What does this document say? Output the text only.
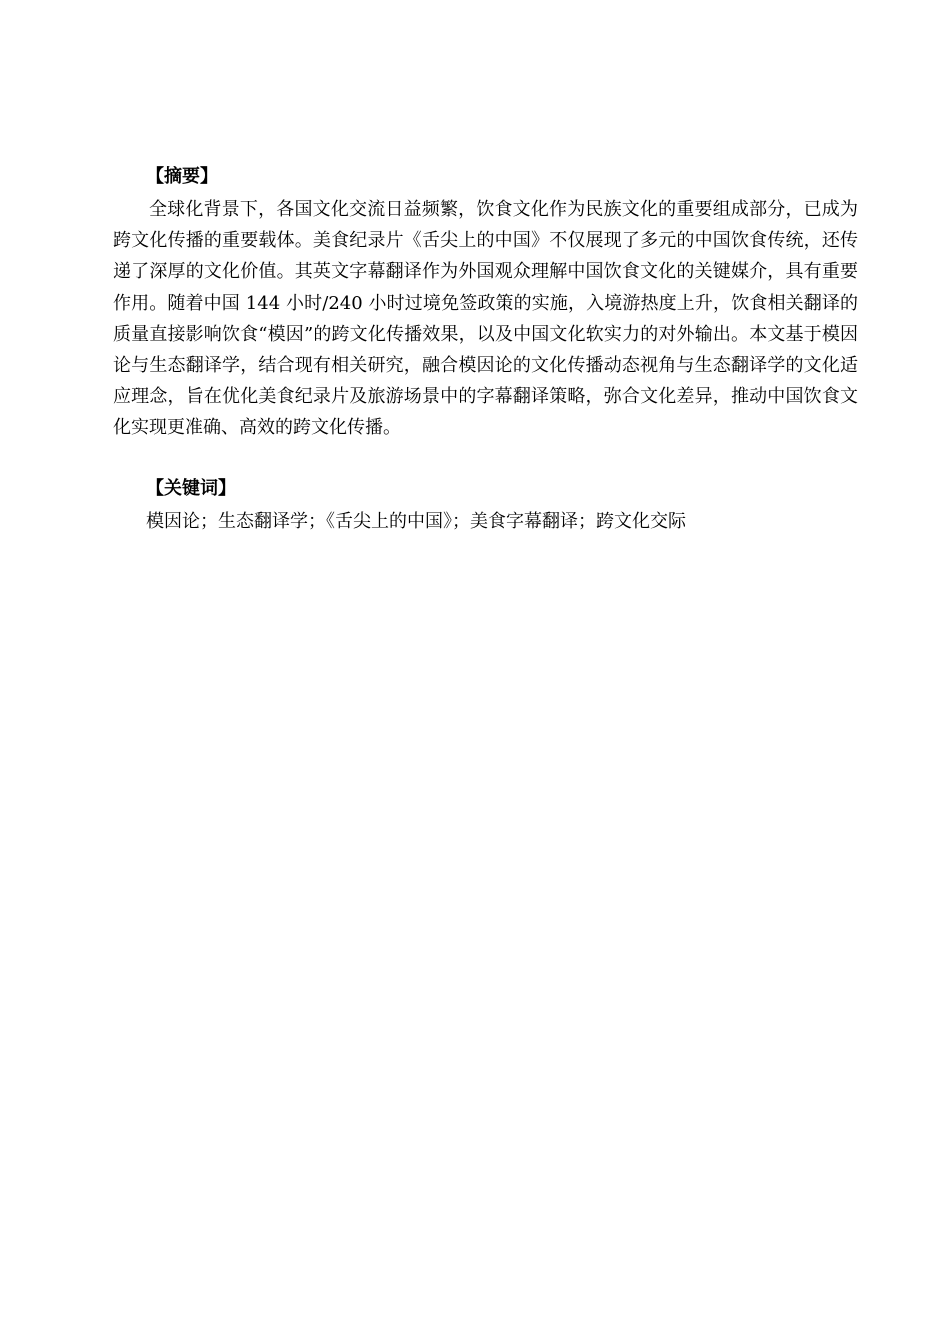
【摘要】

全球化背景下，各国文化交流日益频繁，饮食文化作为民族文化的重要组成部分，已成为跨文化传播的重要载体。美食纪录片《舌尖上的中国》不仅展现了多元的中国饮食传统，还传递了深厚的文化价值。其英文字幕翻译作为外国观众理解中国饮食文化的关键媒介，具有重要作用。随着中国 144 小时/240 小时过境免签政策的实施，入境游热度上升，饮食相关翻译的质量直接影响饮食“模因”的跨文化传播效果，以及中国文化软实力的对外输出。本文基于模因论与生态翻译学，结合现有相关研究，融合模因论的文化传播动态视角与生态翻译学的文化适应理念，旨在优化美食纪录片及旅游场景中的字幕翻译策略，弥合文化差异，推动中国饮食文化实现更准确、高效的跨文化传播。

【关键词】

模因论；生态翻译学；《舌尖上的中国》；美食字幕翻译；跨文化交际
